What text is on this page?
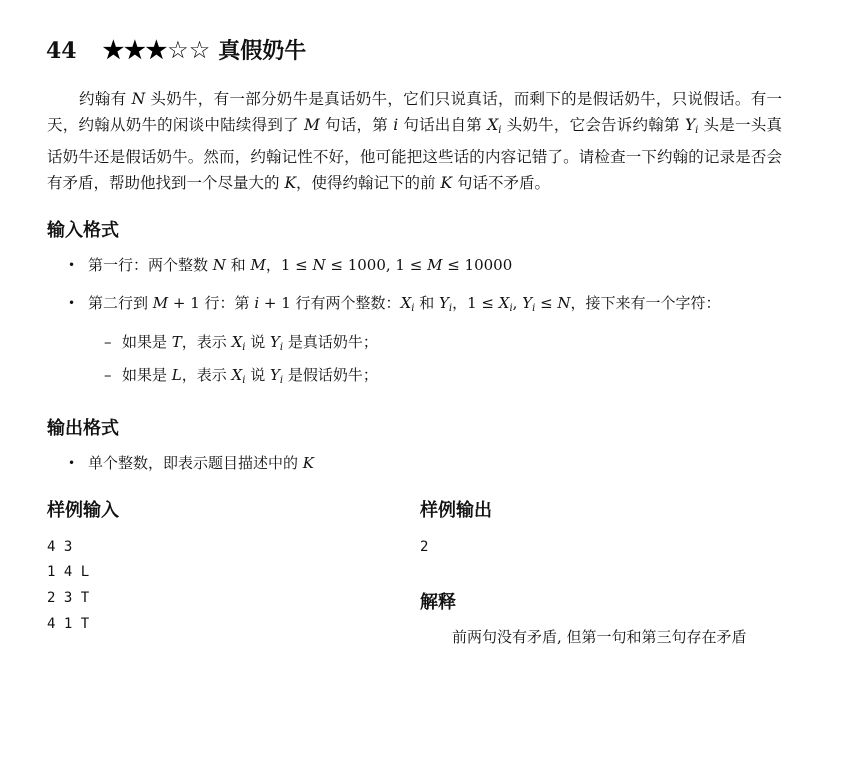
44 ★★★☆☆ 真假奶牛
约翰有 N 头奶牛，有一部分奶牛是真话奶牛，它们只说真话，而剩下的是假话奶牛，只说假话。有一天，约翰从奶牛的闲谈中陆续得到了 M 句话，第 i 句话出自第 $X_i$ 头奶牛，它会告诉约翰第 $Y_i$ 头是一头真话奶牛还是假话奶牛。然而，约翰记性不好，他可能把这些话的内容记错了。请检查一下约翰的记录是否会有矛盾，帮助他找到一个尽量大的 K，使得约翰记下的前 K 句话不矛盾。
输入格式
• 第一行：两个整数 N 和 M，1 ≤ N ≤ 1000, 1 ≤ M ≤ 10000
• 第二行到 M + 1 行：第 i + 1 行有两个整数：$X_i$ 和 $Y_i$，$1 \le X_i$, $Y_i \le N$，接下来有一个字符：
– 如果是 T，表示 $X_i$ 说 $Y_i$ 是真话奶牛；
– 如果是 L，表示 $X_i$ 说 $Y_i$ 是假话奶牛；
输出格式
• 单个整数，即表示题目描述中的 K
样例输入
4 3
1 4 L
2 3 T
4 1 T
样例输出
2
解释
前两句没有矛盾, 但第一句和第三句存在矛盾
